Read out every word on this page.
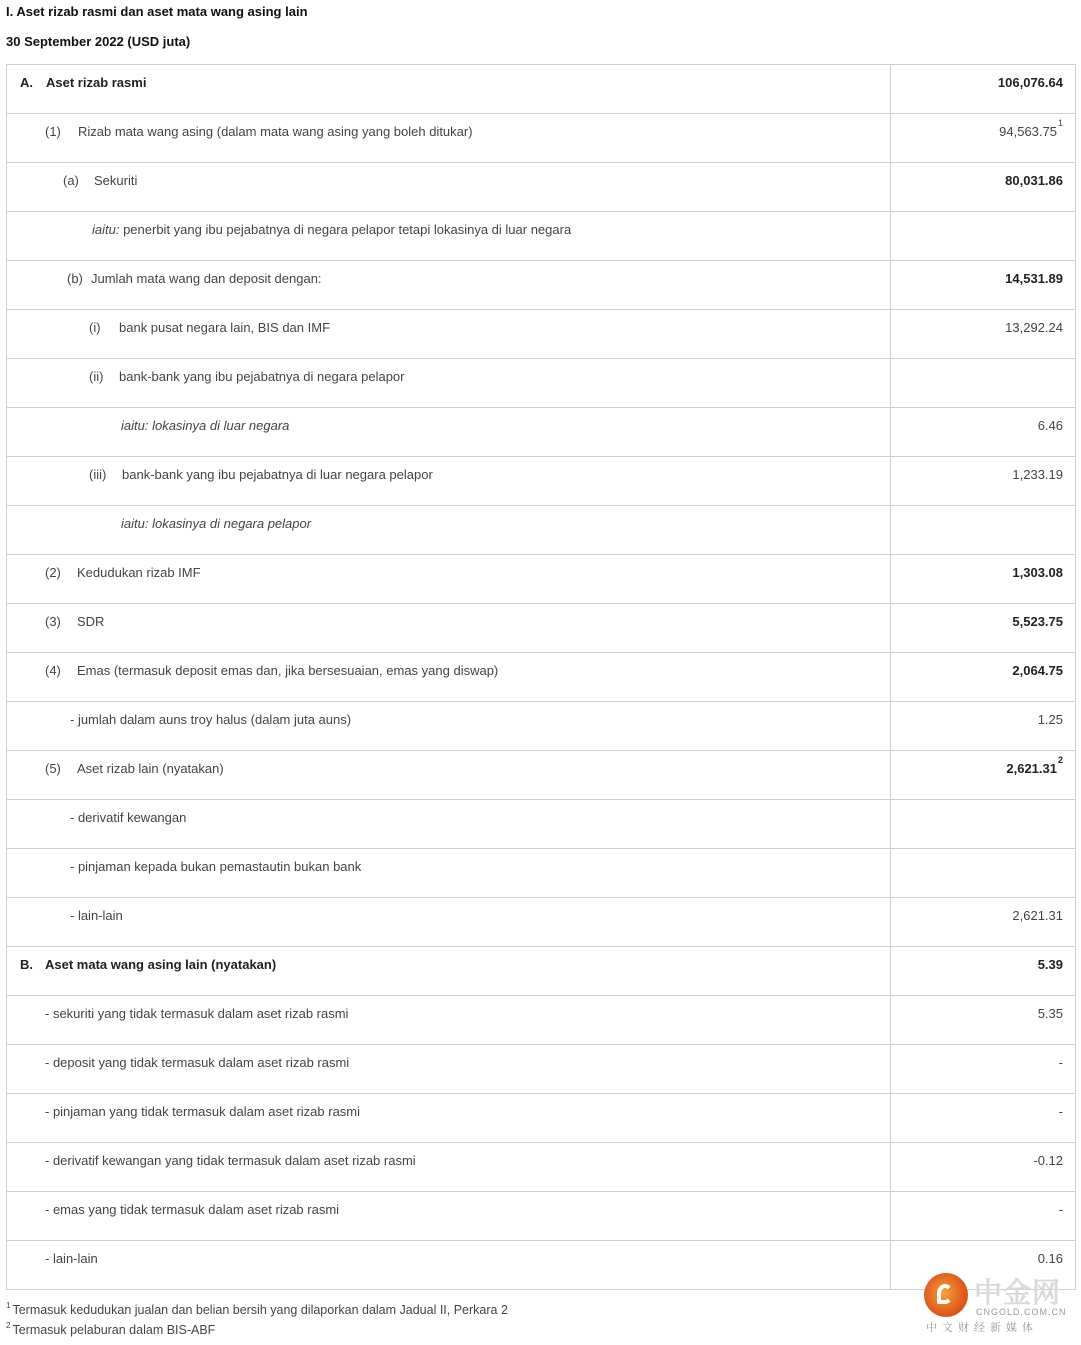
I. Aset rizab rasmi dan aset mata wang asing lain
30 September 2022 (USD juta)
A. Aset rizab rasmi	106,076.64
(1) Rizab mata wang asing (dalam mata wang asing yang boleh ditukar)	94,563.75$^1$
(a) Sekuriti	80,031.86
iaitu: penerbit yang ibu pejabatnya di negara pelapor tetapi lokasinya di luar negara
(b) Jumlah mata wang dan deposit dengan:	14,531.89
(i) bank pusat negara lain, BIS dan IMF	13,292.24
(ii) bank-bank yang ibu pejabatnya di negara pelapor
iaitu: lokasinya di luar negara	6.46
(iii) bank-bank yang ibu pejabatnya di luar negara pelapor	1,233.19
iaitu: lokasinya di negara pelapor
(2) Kedudukan rizab IMF	1,303.08
(3) SDR	5,523.75
(4) Emas (termasuk deposit emas dan, jika bersesuaian, emas yang diswap)	2,064.75
- jumlah dalam auns troy halus (dalam juta auns)	1.25
(5) Aset rizab lain (nyatakan)	2,621.31$^2$
- derivatif kewangan
- pinjaman kepada bukan pemastautin bukan bank
- lain-lain	2,621.31
B. Aset mata wang asing lain (nyatakan)	5.39
- sekuriti yang tidak termasuk dalam aset rizab rasmi	5.35
- deposit yang tidak termasuk dalam aset rizab rasmi	-
- pinjaman yang tidak termasuk dalam aset rizab rasmi	-
- derivatif kewangan yang tidak termasuk dalam aset rizab rasmi	-0.12
- emas yang tidak termasuk dalam aset rizab rasmi	-
- lain-lain	0.16
$^1$ Termasuk kedudukan jualan dan belian bersih yang dilaporkan dalam Jadual II, Perkara 2
$^2$ Termasuk pelaburan dalam BIS-ABF
中金网
CNGOLD.COM.CN
中文财经新媒体
